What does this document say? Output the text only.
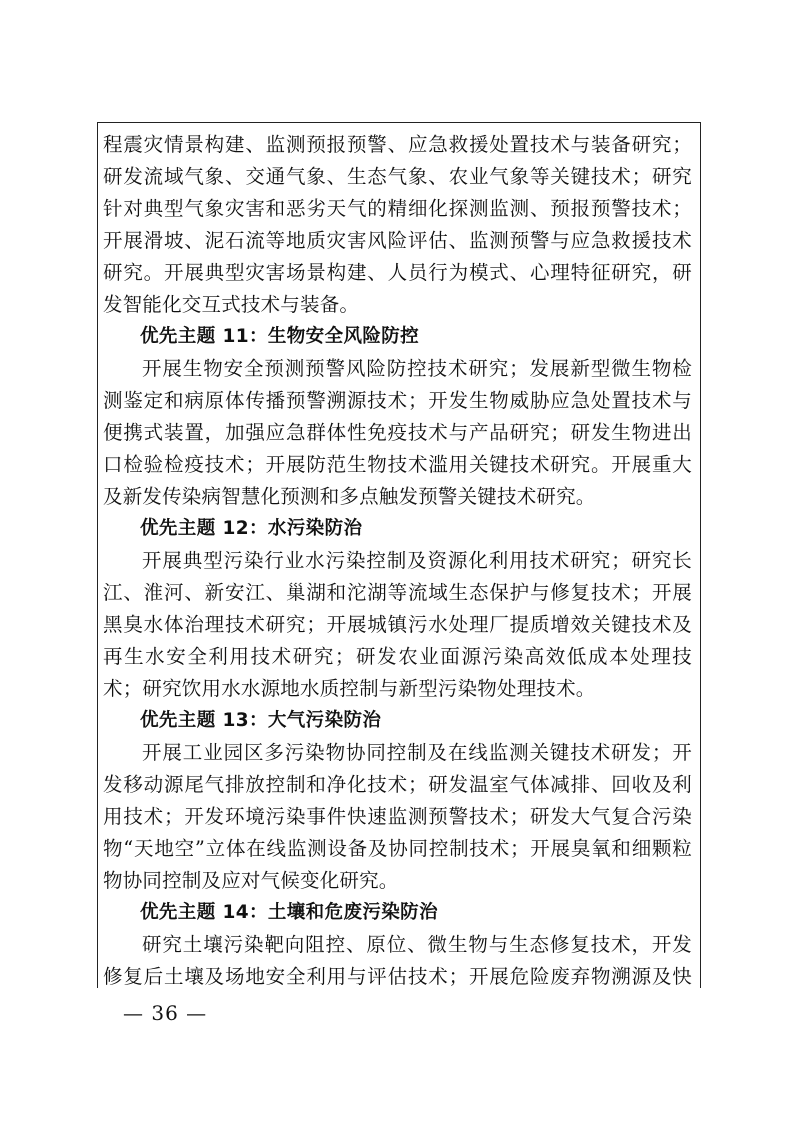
程震灾情景构建、监测预报预警、应急救援处置技术与装备研究；研发流域气象、交通气象、生态气象、农业气象等关键技术；研究针对典型气象灾害和恶劣天气的精细化探测监测、预报预警技术；开展滑坡、泥石流等地质灾害风险评估、监测预警与应急救援技术研究。开展典型灾害场景构建、人员行为模式、心理特征研究，研发智能化交互式技术与装备。

优先主题 11：生物安全风险防控

开展生物安全预测预警风险防控技术研究；发展新型微生物检测鉴定和病原体传播预警溯源技术；开发生物威胁应急处置技术与便携式装置，加强应急群体性免疫技术与产品研究；研发生物进出口检验检疫技术；开展防范生物技术滥用关键技术研究。开展重大及新发传染病智慧化预测和多点触发预警关键技术研究。

优先主题 12：水污染防治

开展典型污染行业水污染控制及资源化利用技术研究；研究长江、淮河、新安江、巢湖和沱湖等流域生态保护与修复技术；开展黑臭水体治理技术研究；开展城镇污水处理厂提质增效关键技术及再生水安全利用技术研究；研发农业面源污染高效低成本处理技术；研究饮用水水源地水质控制与新型污染物处理技术。

优先主题 13：大气污染防治

开展工业园区多污染物协同控制及在线监测关键技术研发；开发移动源尾气排放控制和净化技术；研发温室气体减排、回收及利用技术；开发环境污染事件快速监测预警技术；研发大气复合污染物“天地空”立体在线监测设备及协同控制技术；开展臭氧和细颗粒物协同控制及应对气候变化研究。

优先主题 14：土壤和危废污染防治

研究土壤污染靶向阻控、原位、微生物与生态修复技术，开发修复后土壤及场地安全利用与评估技术；开展危险废弃物溯源及快

— 36 —
